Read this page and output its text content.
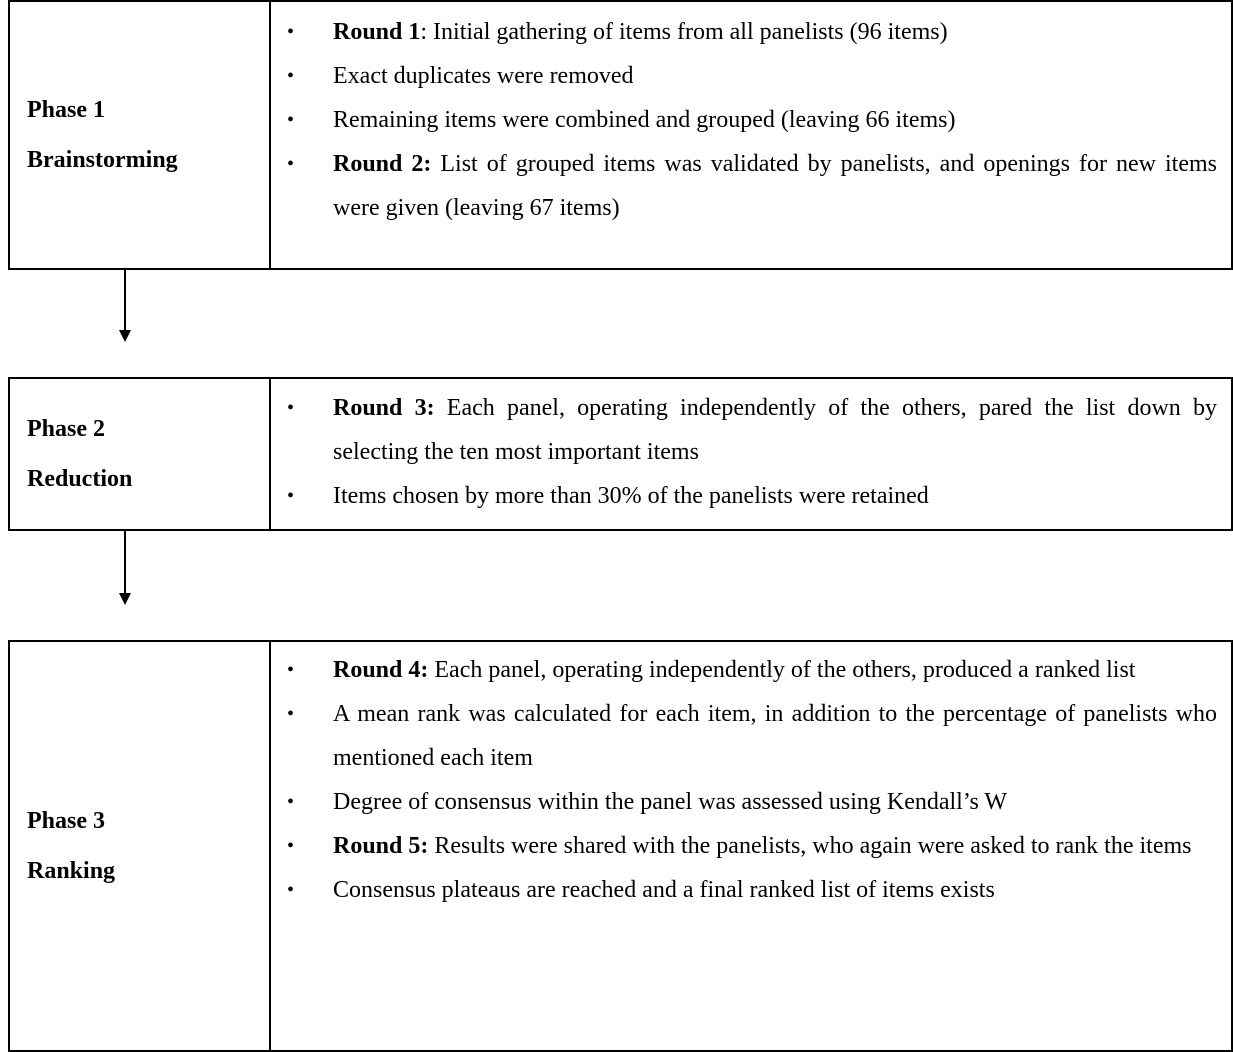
Phase 1
Brainstorming
• Round 1: Initial gathering of items from all panelists (96 items)
• Exact duplicates were removed
• Remaining items were combined and grouped (leaving 66 items)
• Round 2: List of grouped items was validated by panelists, and openings for new items were given (leaving 67 items)
Phase 2
Reduction
• Round 3: Each panel, operating independently of the others, pared the list down by selecting the ten most important items
• Items chosen by more than 30% of the panelists were retained
Phase 3
Ranking
• Round 4: Each panel, operating independently of the others, produced a ranked list
• A mean rank was calculated for each item, in addition to the percentage of panelists who mentioned each item
• Degree of consensus within the panel was assessed using Kendall’s W
• Round 5: Results were shared with the panelists, who again were asked to rank the items
• Consensus plateaus are reached and a final ranked list of items exists
